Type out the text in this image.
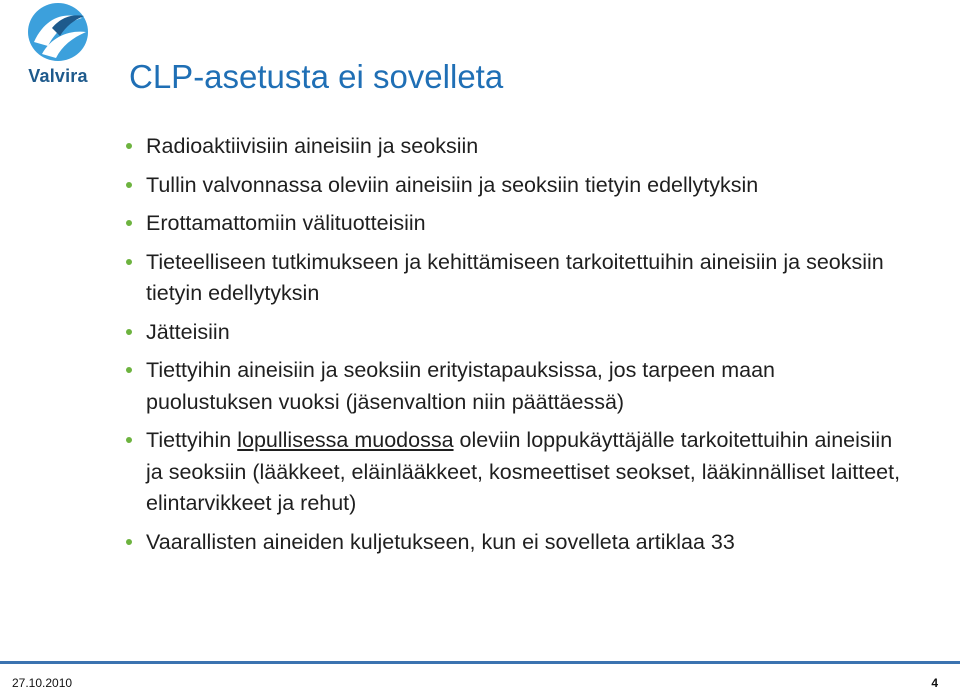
Valvira CLP-asetusta ei sovelleta
Radioaktiivisiin aineisiin ja seoksiin
Tullin valvonnassa oleviin aineisiin ja seoksiin tietyin edellytyksin
Erottamattomiin välituotteisiin
Tieteelliseen tutkimukseen ja kehittämiseen tarkoitettuihin aineisiin ja seoksiin tietyin edellytyksin
Jätteisiin
Tiettyihin aineisiin ja seoksiin erityistapauksissa, jos tarpeen maan puolustuksen vuoksi (jäsenvaltion niin päättäessä)
Tiettyihin lopullisessa muodossa oleviin loppukäyttäjälle tarkoitettuihin aineisiin ja seoksiin (lääkkeet, eläinlääkkeet, kosmeettiset seokset, lääkinnälliset laitteet, elintarvikkeet ja rehut)
Vaarallisten aineiden kuljetukseen, kun ei sovelleta artiklaa 33
27.10.2010	4
